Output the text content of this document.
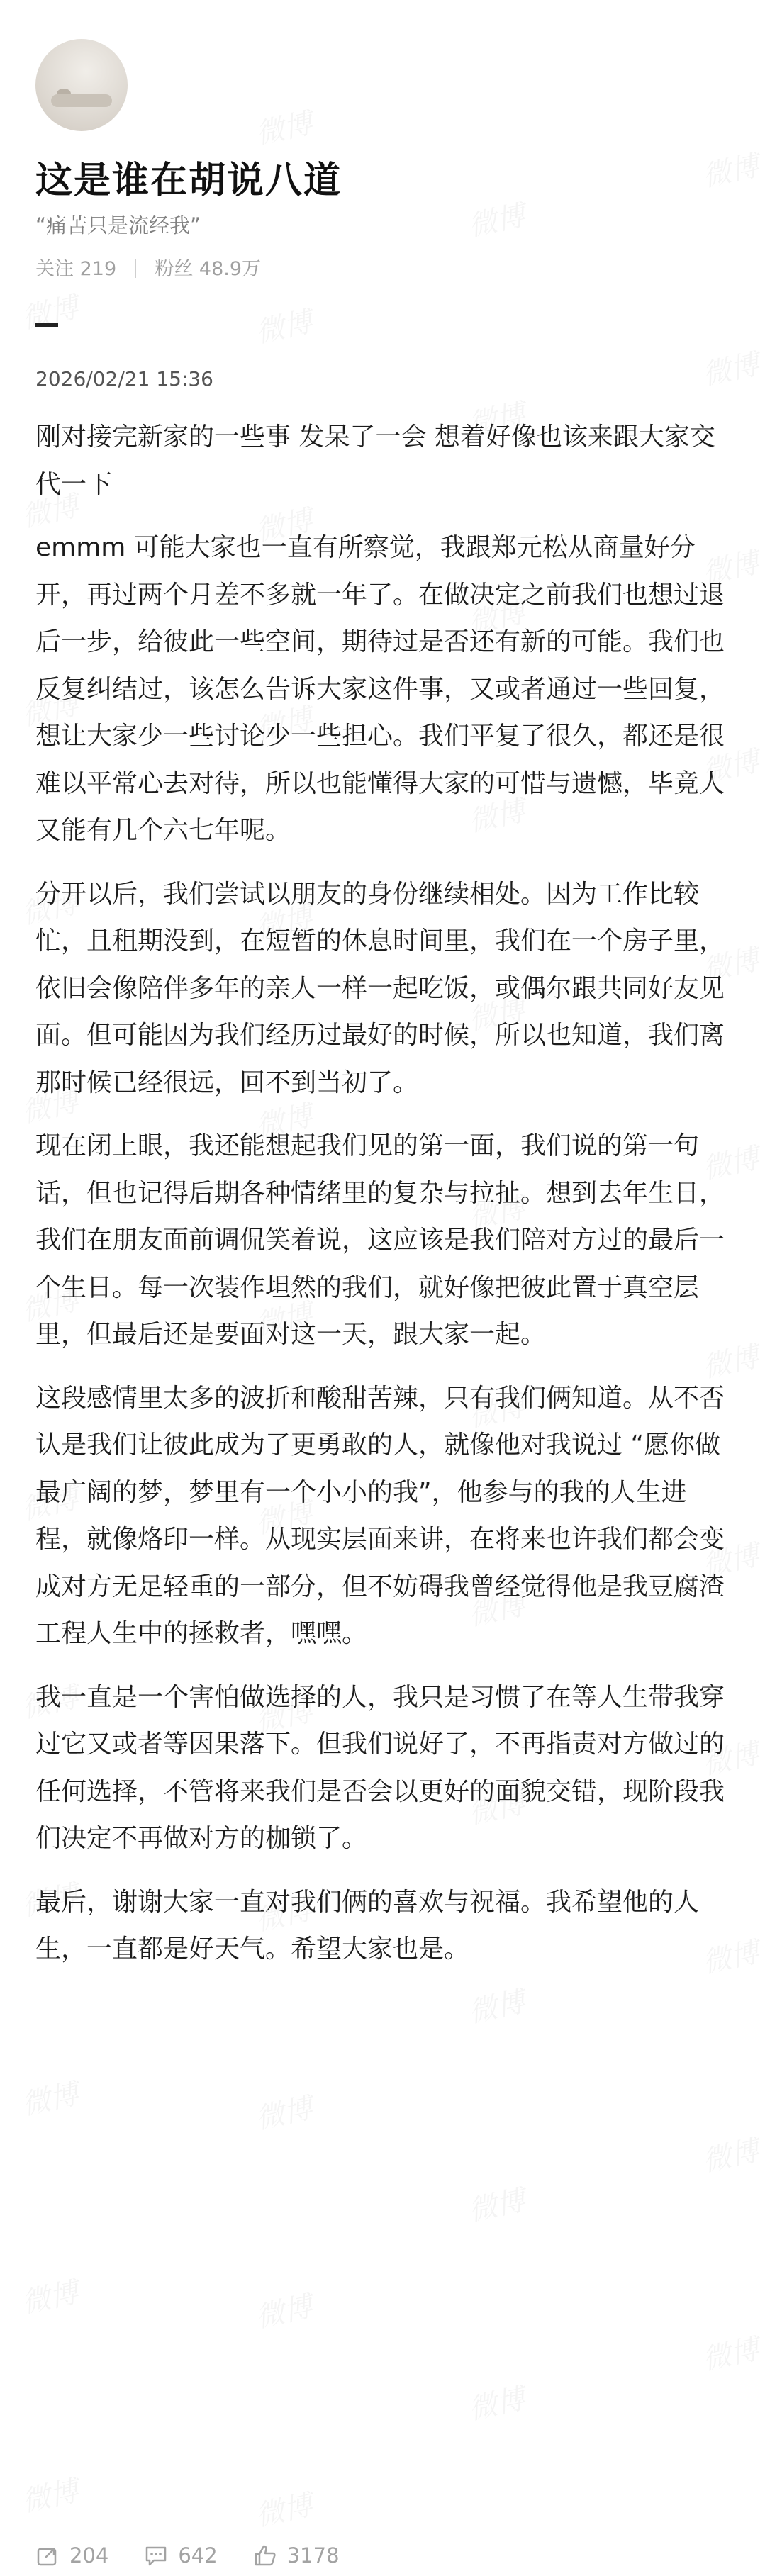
这是谁在胡说八道
“痛苦只是流经我”
关注 219 粉丝 48.9万
2026/02/21 15:36

刚对接完新家的一些事 发呆了一会 想着好像也该来跟大家交代一下

emmm 可能大家也一直有所察觉，我跟郑元松从商量好分开，再过两个月差不多就一年了。在做决定之前我们也想过退后一步，给彼此一些空间，期待过是否还有新的可能。我们也反复纠结过，该怎么告诉大家这件事，又或者通过一些回复，想让大家少一些讨论少一些担心。我们平复了很久，都还是很难以平常心去对待，所以也能懂得大家的可惜与遗憾，毕竟人又能有几个六七年呢。

分开以后，我们尝试以朋友的身份继续相处。因为工作比较忙，且租期没到，在短暂的休息时间里，我们在一个房子里，依旧会像陪伴多年的亲人一样一起吃饭，或偶尔跟共同好友见面。但可能因为我们经历过最好的时候，所以也知道，我们离那时候已经很远，回不到当初了。

现在闭上眼，我还能想起我们见的第一面，我们说的第一句话，但也记得后期各种情绪里的复杂与拉扯。想到去年生日，我们在朋友面前调侃笑着说，这应该是我们陪对方过的最后一个生日。每一次装作坦然的我们，就好像把彼此置于真空层里，但最后还是要面对这一天，跟大家一起。

这段感情里太多的波折和酸甜苦辣，只有我们俩知道。从不否认是我们让彼此成为了更勇敢的人，就像他对我说过 “愿你做最广阔的梦，梦里有一个小小的我”，他参与的我的人生进程，就像烙印一样。从现实层面来讲，在将来也许我们都会变成对方无足轻重的一部分，但不妨碍我曾经觉得他是我豆腐渣工程人生中的拯救者，嘿嘿。

我一直是一个害怕做选择的人，我只是习惯了在等人生带我穿过它又或者等因果落下。但我们说好了，不再指责对方做过的任何选择，不管将来我们是否会以更好的面貌交错，现阶段我们决定不再做对方的枷锁了。

最后，谢谢大家一直对我们俩的喜欢与祝福。我希望他的人生，一直都是好天气。希望大家也是。

204	642	3178
